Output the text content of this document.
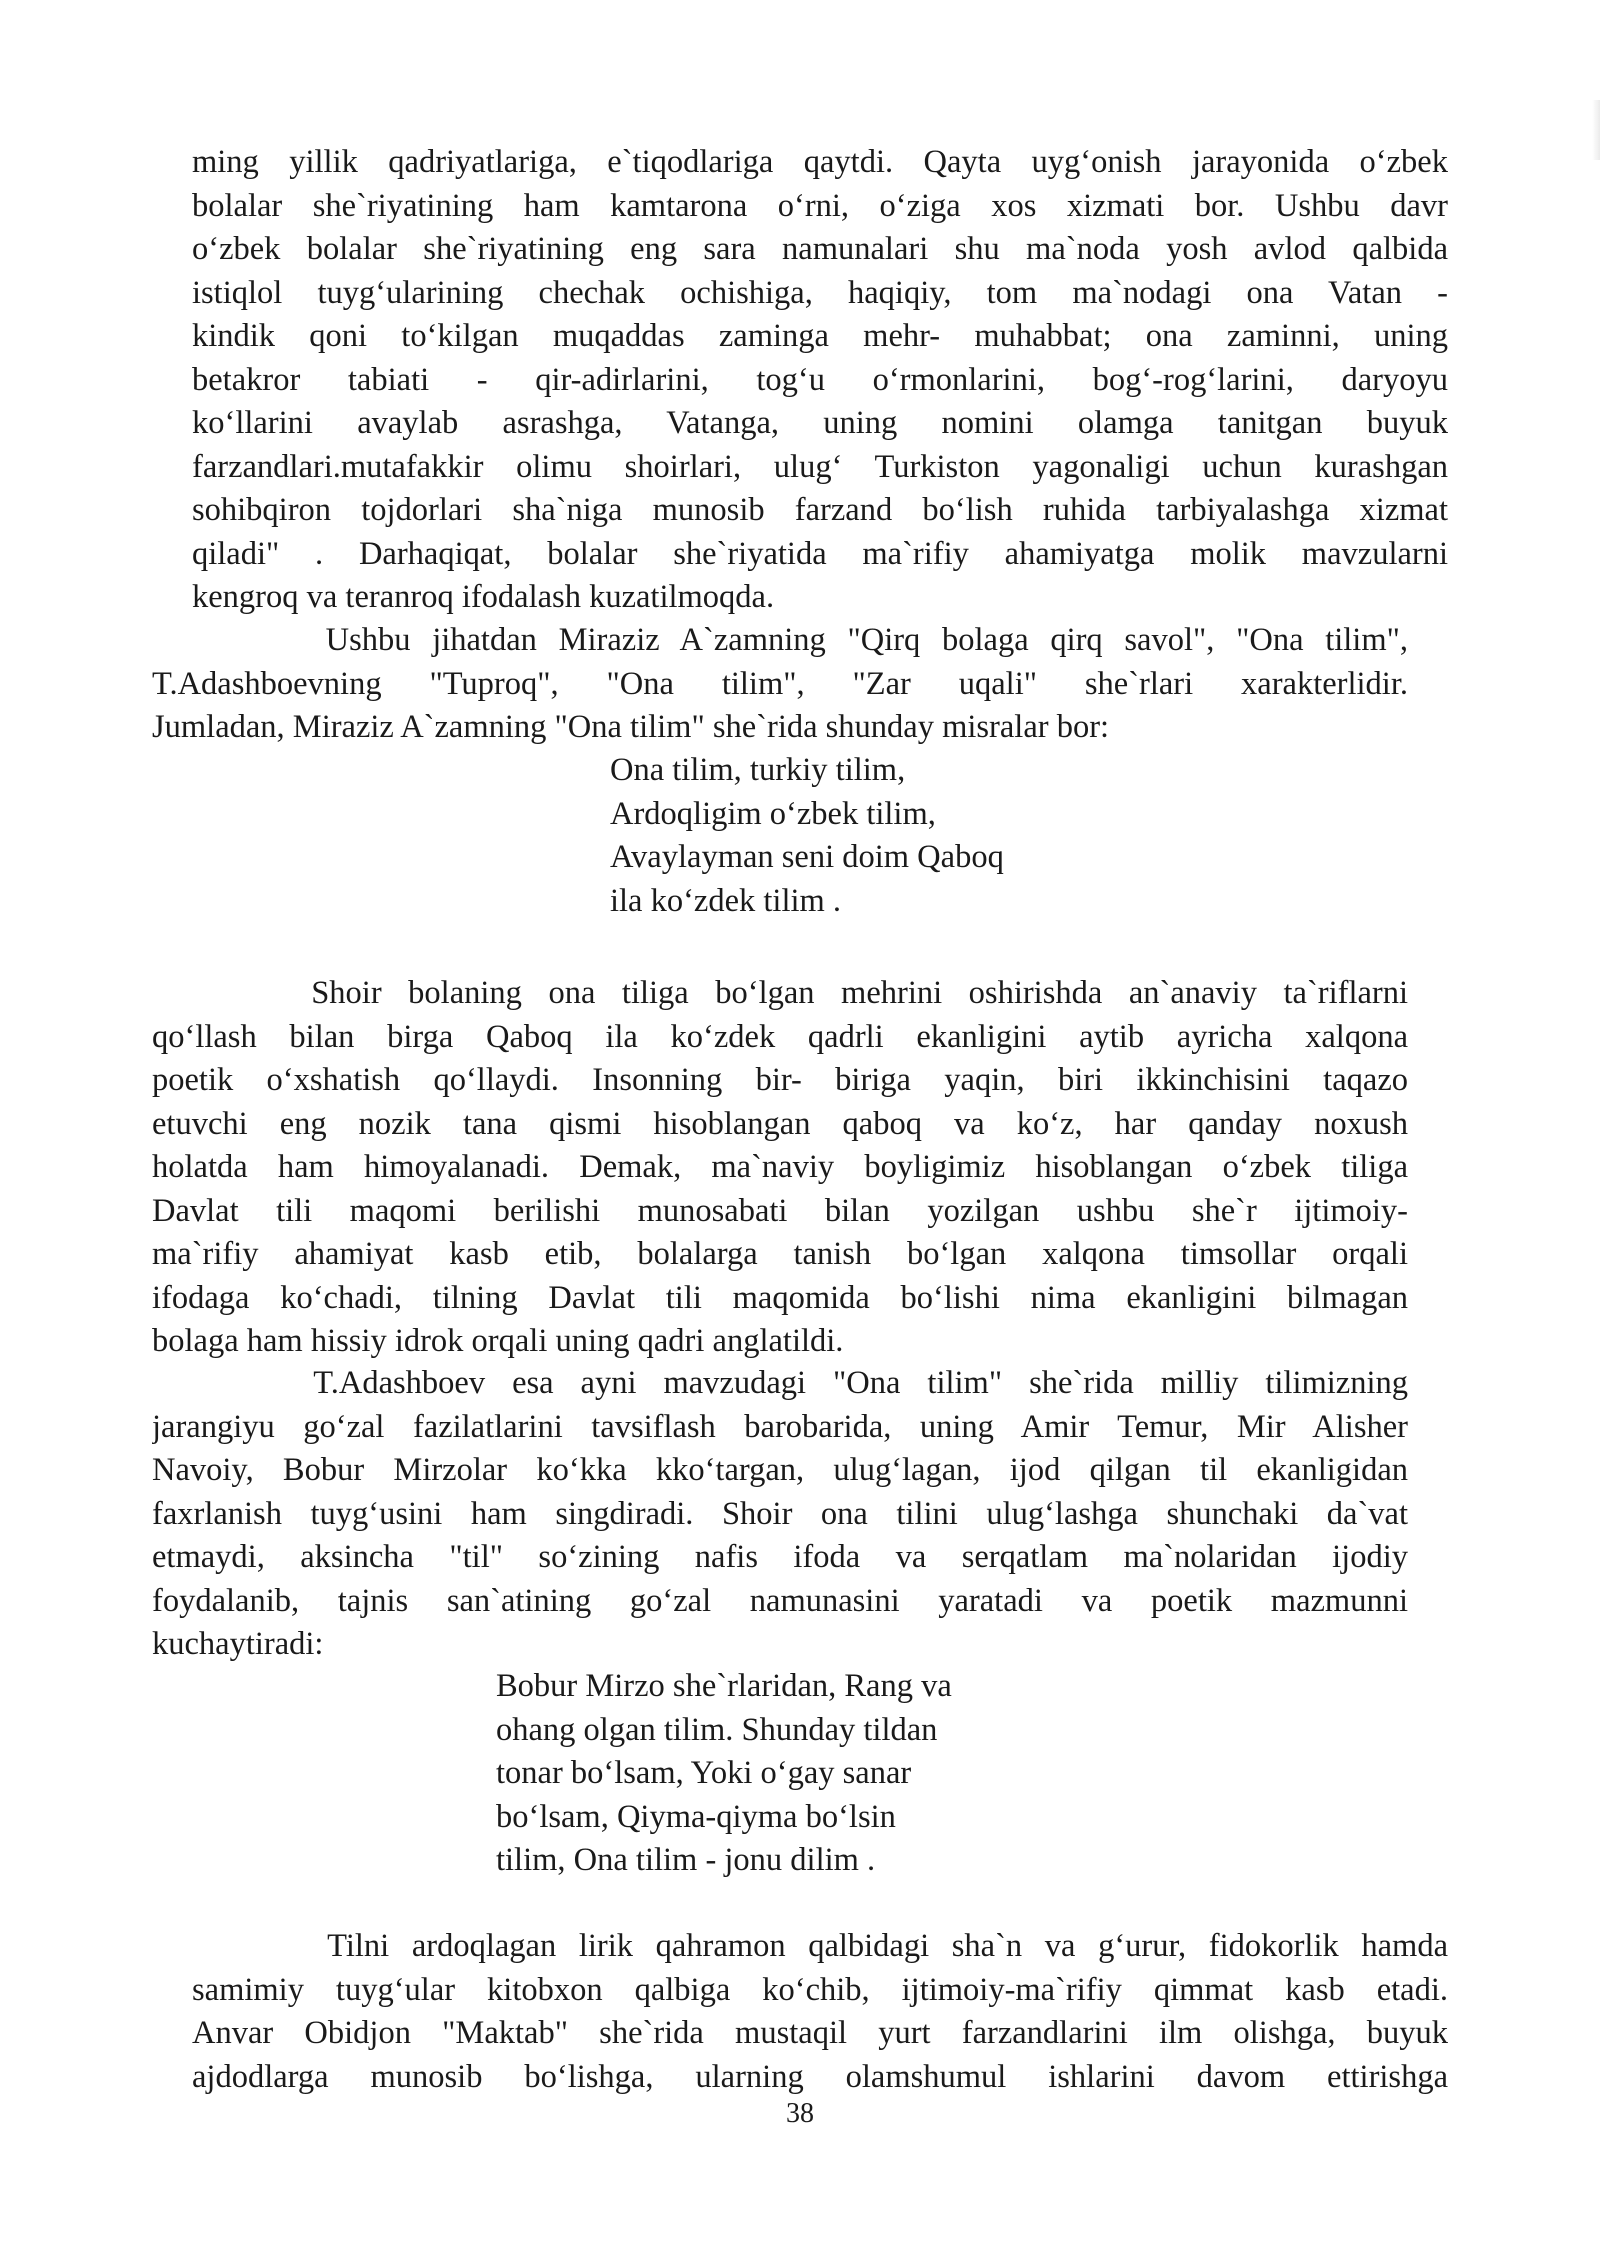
ming yillik qadriyatlariga, e`tiqodlariga qaytdi. Qayta uyg‘onish jarayonida o‘zbek
bolalar she`riyatining ham kamtarona o‘rni, o‘ziga xos xizmati bor. Ushbu davr
o‘zbek bolalar she`riyatining eng sara namunalari shu ma`noda yosh avlod qalbida
istiqlol tuyg‘ularining chechak ochishiga, haqiqiy, tom ma`nodagi ona Vatan -
kindik qoni to‘kilgan muqaddas zaminga mehr- muhabbat; ona zaminni, uning
betakror tabiati - qir-adirlarini, tog‘u o‘rmonlarini, bog‘-rog‘larini, daryoyu
ko‘llarini avaylab asrashga, Vatanga, uning nomini olamga tanitgan buyuk
farzandlari.mutafakkir olimu shoirlari, ulug‘ Turkiston yagonaligi uchun kurashgan
sohibqiron tojdorlari sha`niga munosib farzand bo‘lish ruhida tarbiyalashga xizmat
qiladi" . Darhaqiqat, bolalar she`riyatida ma`rifiy ahamiyatga molik mavzularni
kengroq va teranroq ifodalash kuzatilmoqda.
Ushbu jihatdan Miraziz A`zamning "Qirq bolaga qirq savol", "Ona tilim",
T.Adashboevning "Tuproq", "Ona tilim", "Zar uqali" she`rlari xarakterlidir.
Jumladan, Miraziz A`zamning "Ona tilim" she`rida shunday misralar bor:
Ona tilim, turkiy tilim,
Ardoqligim o‘zbek tilim,
Avaylayman seni doim Qaboq
ila ko‘zdek tilim .
Shoir bolaning ona tiliga bo‘lgan mehrini oshirishda an`anaviy ta`riflarni
qo‘llash bilan birga Qaboq ila ko‘zdek qadrli ekanligini aytib ayricha xalqona
poetik o‘xshatish qo‘llaydi. Insonning bir- biriga yaqin, biri ikkinchisini taqazo
etuvchi eng nozik tana qismi hisoblangan qaboq va ko‘z, har qanday noxush
holatda ham himoyalanadi. Demak, ma`naviy boyligimiz hisoblangan o‘zbek tiliga
Davlat tili maqomi berilishi munosabati bilan yozilgan ushbu she`r ijtimoiy-
ma`rifiy ahamiyat kasb etib, bolalarga tanish bo‘lgan xalqona timsollar orqali
ifodaga ko‘chadi, tilning Davlat tili maqomida bo‘lishi nima ekanligini bilmagan
bolaga ham hissiy idrok orqali uning qadri anglatildi.
T.Adashboev esa ayni mavzudagi "Ona tilim" she`rida milliy tilimizning
jarangiyu go‘zal fazilatlarini tavsiflash barobarida, uning Amir Temur, Mir Alisher
Navoiy, Bobur Mirzolar ko‘kka kko‘targan, ulug‘lagan, ijod qilgan til ekanligidan
faxrlanish tuyg‘usini ham singdiradi. Shoir ona tilini ulug‘lashga shunchaki da`vat
etmaydi, aksincha "til" so‘zining nafis ifoda va serqatlam ma`nolaridan ijodiy
foydalanib, tajnis san`atining go‘zal namunasini yaratadi va poetik mazmunni
kuchaytiradi:
Bobur Mirzo she`rlaridan, Rang va
ohang olgan tilim. Shunday tildan
tonar bo‘lsam, Yoki o‘gay sanar
bo‘lsam, Qiyma-qiyma bo‘lsin
tilim, Ona tilim - jonu dilim .
Tilni ardoqlagan lirik qahramon qalbidagi sha`n va g‘urur, fidokorlik hamda
samimiy tuyg‘ular kitobxon qalbiga ko‘chib, ijtimoiy-ma`rifiy qimmat kasb etadi.
Anvar Obidjon "Maktab" she`rida mustaqil yurt farzandlarini ilm olishga, buyuk
ajdodlarga munosib bo‘lishga, ularning olamshumul ishlarini davom ettirishga
38
